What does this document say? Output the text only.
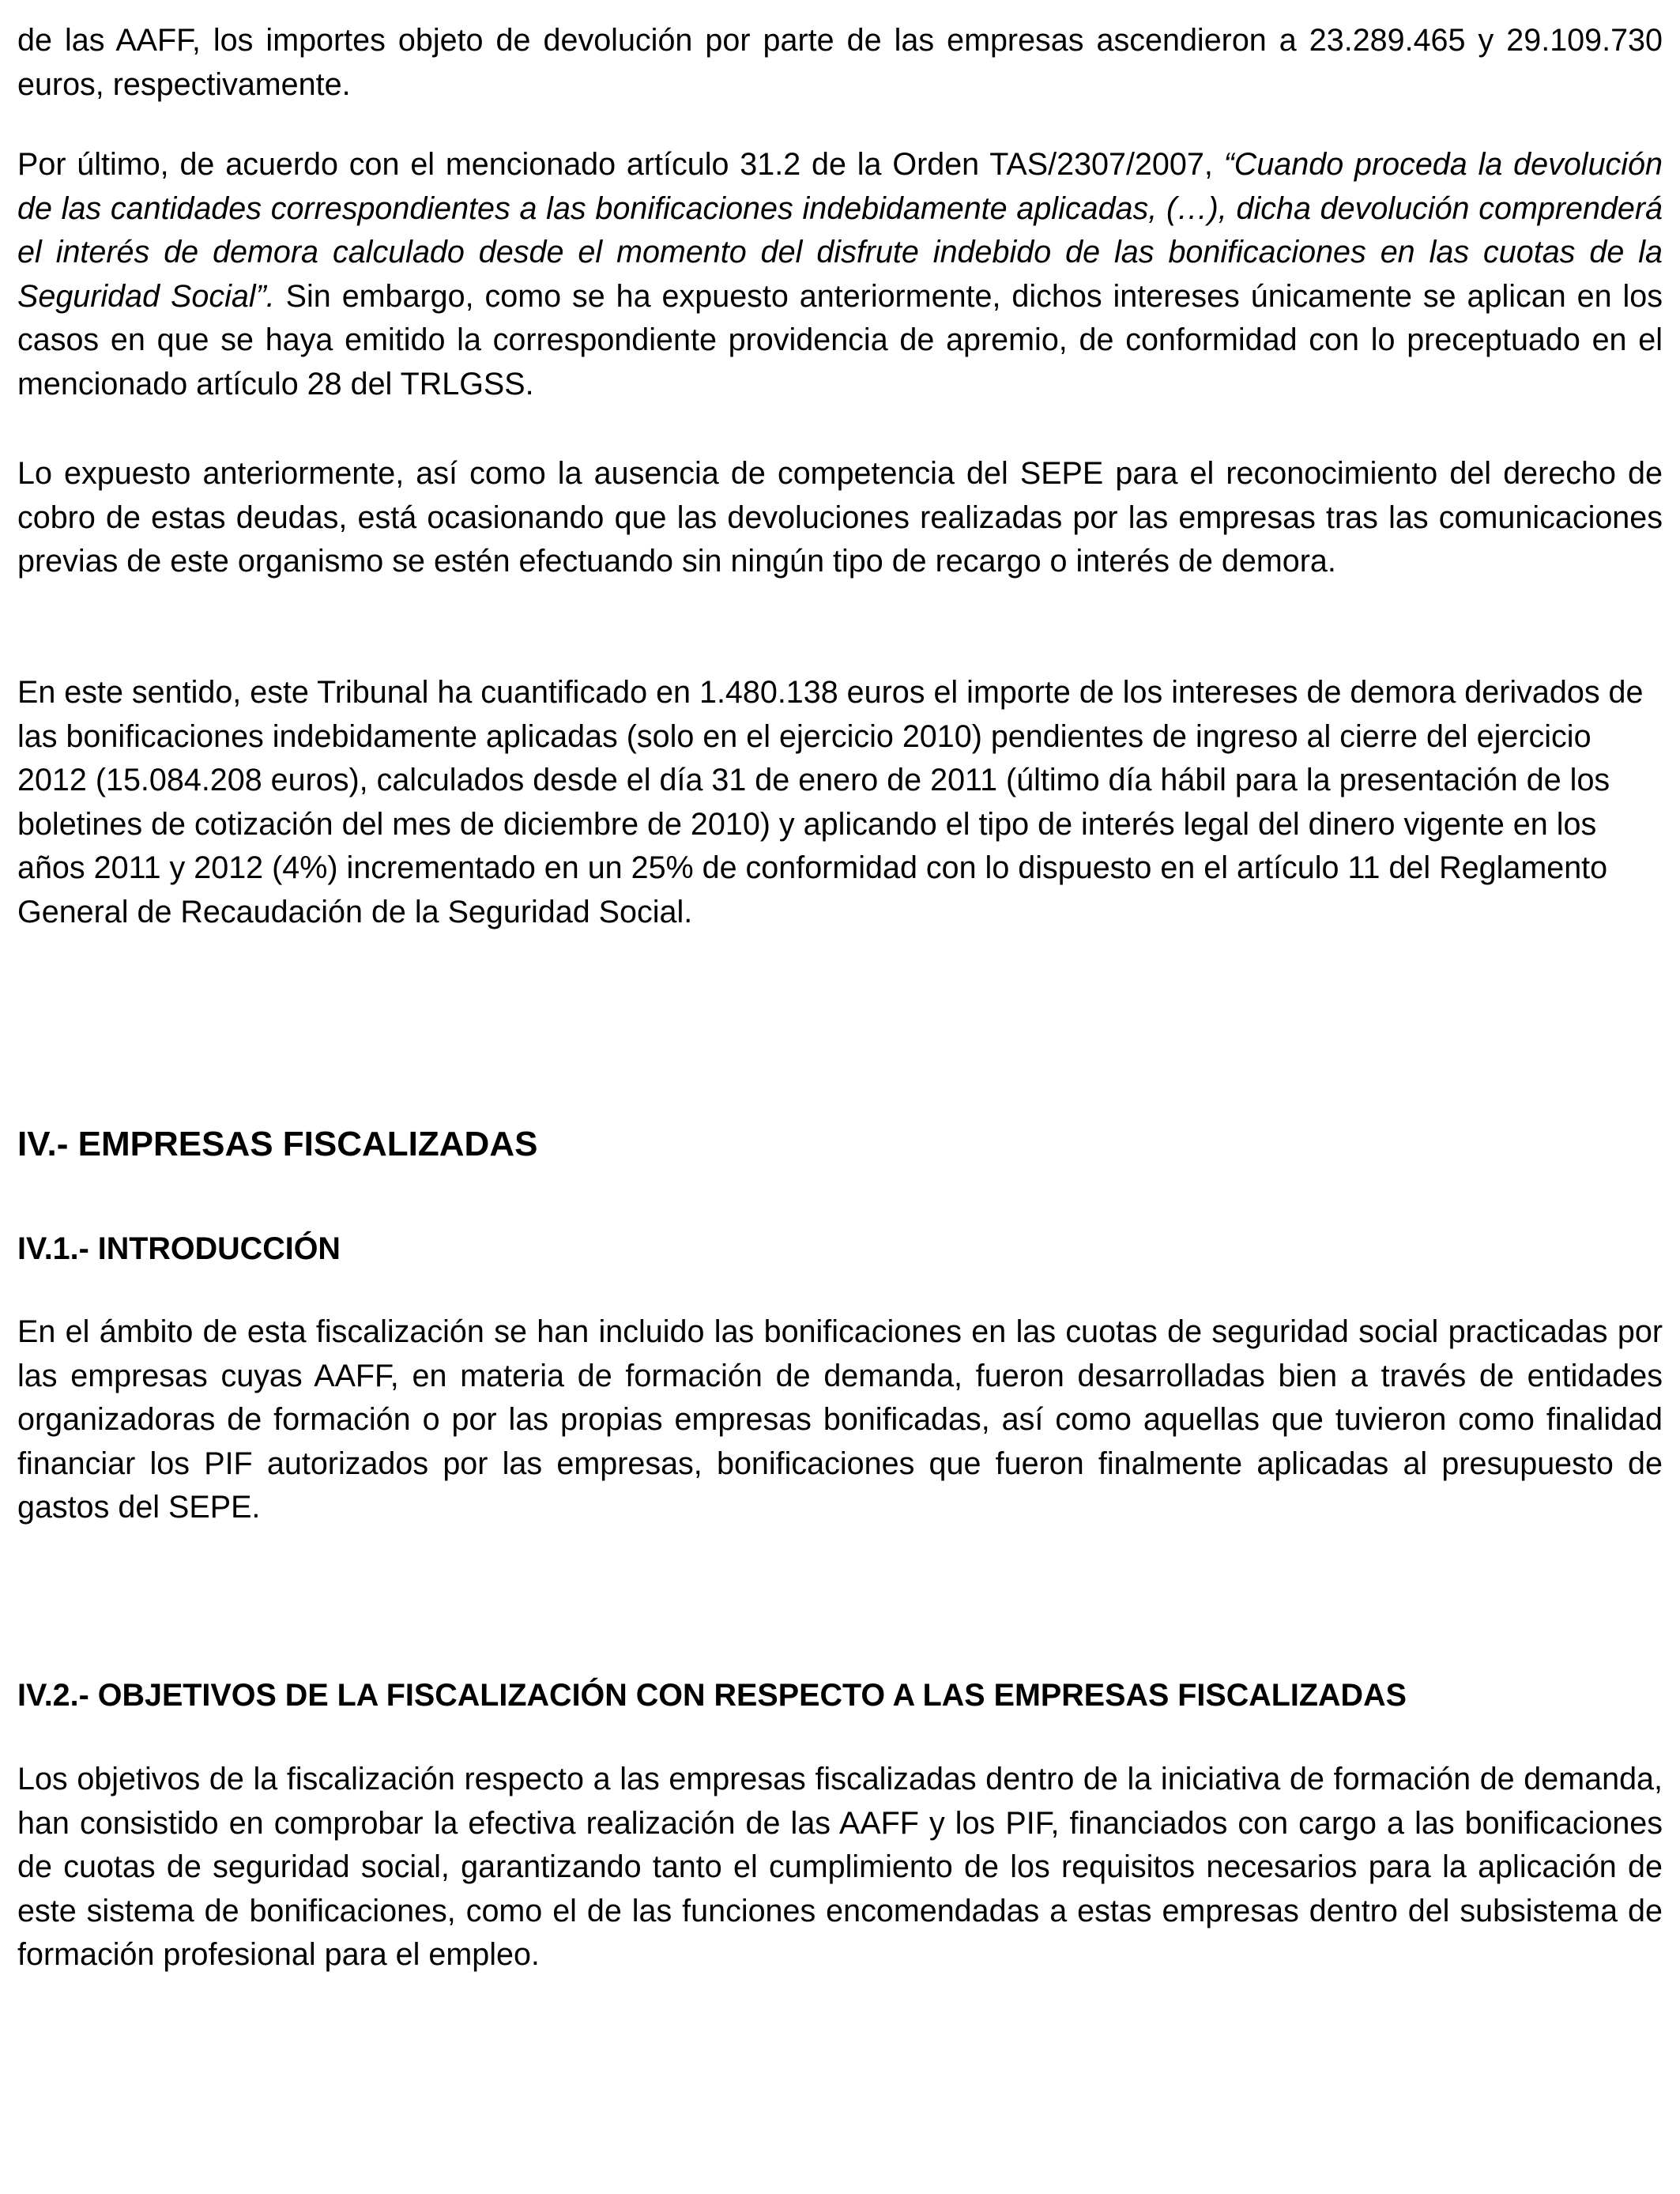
de las AAFF, los importes objeto de devolución por parte de las empresas ascendieron a 23.289.465 y 29.109.730 euros, respectivamente.

Por último, de acuerdo con el mencionado artículo 31.2 de la Orden TAS/2307/2007, “Cuando proceda la devolución de las cantidades correspondientes a las bonificaciones indebidamente aplicadas, (…), dicha devolución comprenderá el interés de demora calculado desde el momento del disfrute indebido de las bonificaciones en las cuotas de la Seguridad Social”. Sin embargo, como se ha expuesto anteriormente, dichos intereses únicamente se aplican en los casos en que se haya emitido la correspondiente providencia de apremio, de conformidad con lo preceptuado en el mencionado artículo 28 del TRLGSS.

Lo expuesto anteriormente, así como la ausencia de competencia del SEPE para el reconocimiento del derecho de cobro de estas deudas, está ocasionando que las devoluciones realizadas por las empresas tras las comunicaciones previas de este organismo se estén efectuando sin ningún tipo de recargo o interés de demora.

En este sentido, este Tribunal ha cuantificado en 1.480.138 euros el importe de los intereses de demora derivados de las bonificaciones indebidamente aplicadas (solo en el ejercicio 2010) pendientes de ingreso al cierre del ejercicio 2012 (15.084.208 euros), calculados desde el día 31 de enero de 2011 (último día hábil para la presentación de los boletines de cotización del mes de diciembre de 2010) y aplicando el tipo de interés legal del dinero vigente en los años 2011 y 2012 (4%) incrementado en un 25% de conformidad con lo dispuesto en el artículo 11 del Reglamento General de Recaudación de la Seguridad Social.

IV.- EMPRESAS FISCALIZADAS
IV.1.- INTRODUCCIÓN

En el ámbito de esta fiscalización se han incluido las bonificaciones en las cuotas de seguridad social practicadas por las empresas cuyas AAFF, en materia de formación de demanda, fueron desarrolladas bien a través de entidades organizadoras de formación o por las propias empresas bonificadas, así como aquellas que tuvieron como finalidad financiar los PIF autorizados por las empresas, bonificaciones que fueron finalmente aplicadas al presupuesto de gastos del SEPE.

IV.2.- OBJETIVOS DE LA FISCALIZACIÓN CON RESPECTO A LAS EMPRESAS FISCALIZADAS

Los objetivos de la fiscalización respecto a las empresas fiscalizadas dentro de la iniciativa de formación de demanda, han consistido en comprobar la efectiva realización de las AAFF y los PIF, financiados con cargo a las bonificaciones de cuotas de seguridad social, garantizando tanto el cumplimiento de los requisitos necesarios para la aplicación de este sistema de bonificaciones, como el de las funciones encomendadas a estas empresas dentro del subsistema de formación profesional para el empleo.
